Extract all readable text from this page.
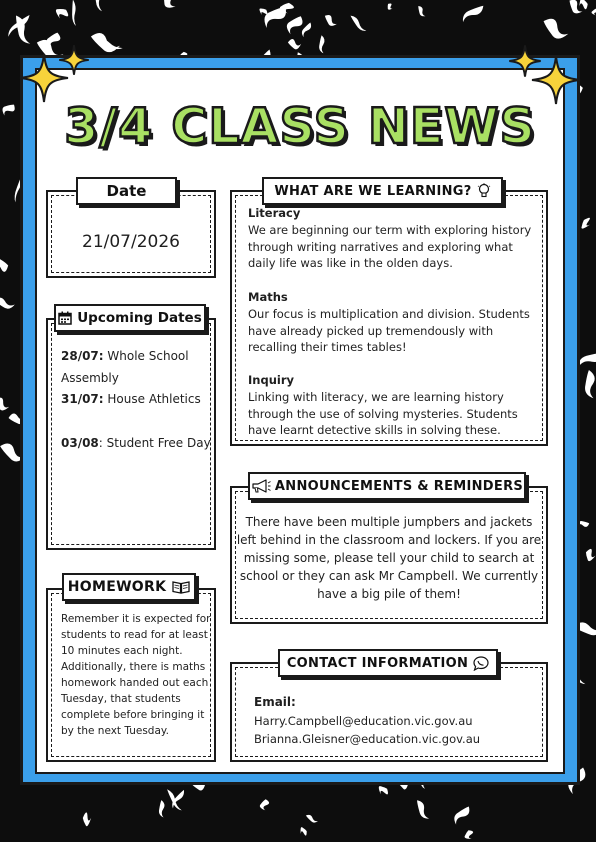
3/4 CLASS NEWS
Date
21/07/2026
Upcoming Dates
28/07: Whole School Assembly
31/07: House Athletics
03/08: Student Free Day
HOMEWORK
Remember it is expected for students to read for at least 10 minutes each night. Additionally, there is maths homework handed out each Tuesday, that students complete before bringing it by the next Tuesday.
WHAT ARE WE LEARNING?
Literacy
We are beginning our term with exploring history through writing narratives and exploring what daily life was like in the olden days.
Maths
Our focus is multiplication and division. Students have already picked up tremendously with recalling their times tables!
Inquiry
Linking with literacy, we are learning history through the use of solving mysteries. Students have learnt detective skills in solving these.
ANNOUNCEMENTS & REMINDERS
There have been multiple jumpbers and jackets left behind in the classroom and lockers. If you are missing some, please tell your child to search at school or they can ask Mr Campbell. We currently have a big pile of them!
CONTACT INFORMATION
Email:
Harry.Campbell@education.vic.gov.au
Brianna.Gleisner@education.vic.gov.au
